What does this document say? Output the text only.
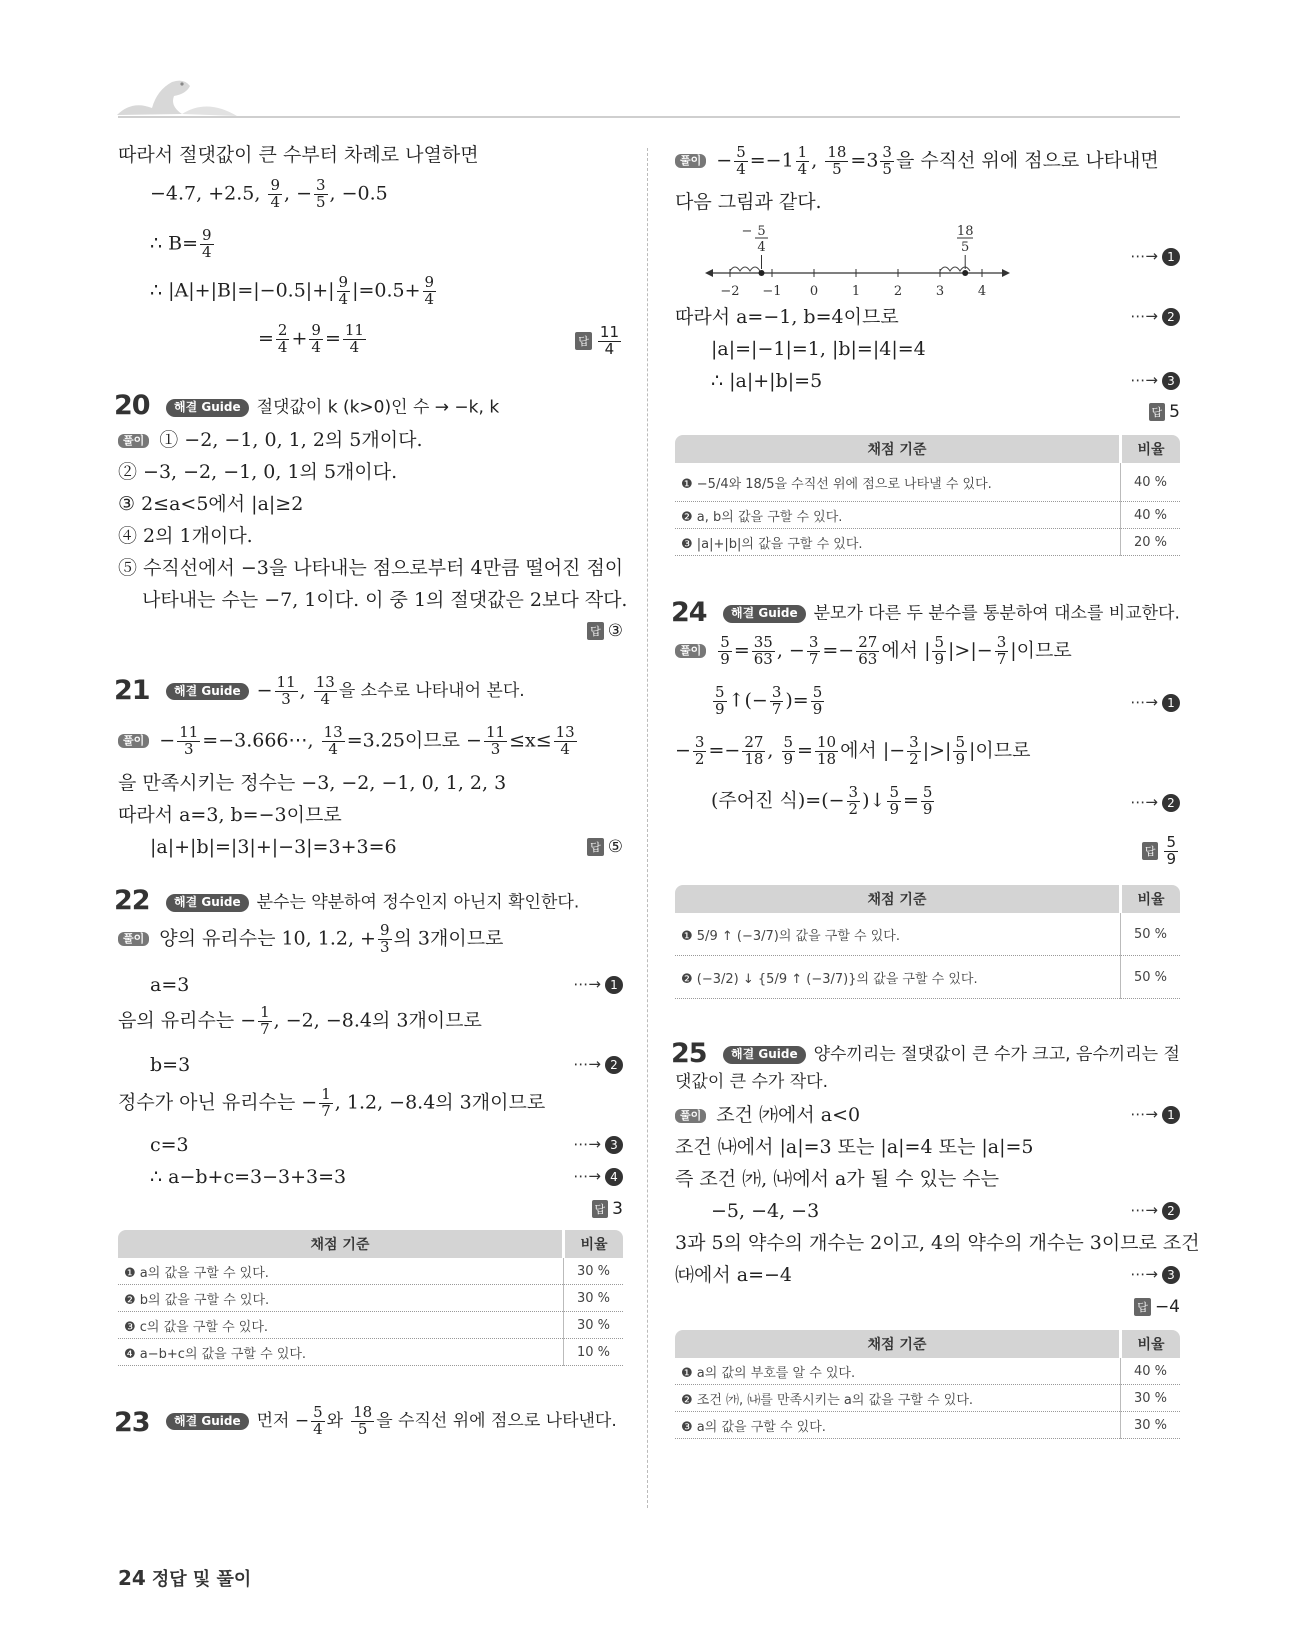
따라서 절댓값이 큰 수부터 차례로 나열하면
−4.7, +2.5, $\frac{9}{4}$ , − $\frac{3}{5}$ , −0.5
∴ $B= \frac{9}{4}$
∴ $|A|+|B|=|-0.5|+| \frac{9}{4} |=0.5+ \frac{9}{4}$
= $\frac{2}{4} + \frac{9}{4} = \frac{11}{4}$	답 $\frac{11}{4}$
20	해결 Guide 절댓값이 k (k>0)인 수 → −k, k
풀이 ① −2, −1, 0, 1, 2의 5개이다.
② −3, −2, −1, 0, 1의 5개이다.
③ 2≤a<5에서 |a|≥2
④ 2의 1개이다.
⑤ 수직선에서 −3을 나타내는 점으로부터 4만큼 떨어진 점이
나타내는 수는 −7, 1이다. 이 중 1의 절댓값은 2보다 작다.
답 ③
21	해결 Guide − $\frac{11}{3}$ , $\frac{13}{4}$ 을 소수로 나타내어 본다.
풀이 − $\frac{11}{3}$ =−3.666⋯, $\frac{13}{4} =3.25$이므로 − $\frac{11}{3} \le x\le \frac{13}{4}$
을 만족시키는 정수는 −3, −2, −1, 0, 1, 2, 3
따라서 a=3, b=−3이므로
|a|+|b|=|3|+|−3|=3+3=6	답 ⑤
22	해결 Guide 분수는 약분하여 정수인지 아닌지 확인한다.
풀이 양의 유리수는 10, 1.2, + $\frac{9}{3}$ 의 3개이므로
a=3	⋯→ 1
음의 유리수는 − $\frac{1}{7}$ , −2, −8.4의 3개이므로
b=3	⋯→ 2
정수가 아닌 유리수는 − $\frac{1}{7}$ , 1.2, −8.4의 3개이므로
c=3	⋯→ 3
∴ a−b+c=3−3+3=3	⋯→ 4
답 3
채점 기준	비율
❶ a의 값을 구할 수 있다.	30 %
❷ b의 값을 구할 수 있다.	30 %
❸ c의 값을 구할 수 있다.	30 %
❹ a−b+c의 값을 구할 수 있다.	10 %
23	해결 Guide 먼저 − $\frac{5}{4}$ 와 $\frac{18}{5}$ 을 수직선 위에 점으로 나타낸다.
풀이 − $\frac{5}{4} =-1 \frac{1}{4}$ , $\frac{18}{5} =3 \frac{3}{5}$ 을 수직선 위에 점으로 나타내면
다음 그림과 같다.
−2 −1 0	1	2	3	4
− 5
4
18
5	⋯→ 1
따라서 a=−1, b=4이므로	⋯→ 2
|a|=|−1|=1, |b|=|4|=4
∴ |a|+|b|=5	⋯→ 3
답 5
채점 기준	비율
❶ −5/4와 18/5을 수직선 위에 점으로 나타낼 수 있다.	40 %
❷ a, b의 값을 구할 수 있다.	40 %
❸ |a|+|b|의 값을 구할 수 있다.	20 %
24	해결 Guide 분모가 다른 두 분수를 통분하여 대소를 비교한다.
풀이 $\frac{5}{9} = \frac{35}{63}$ , − $\frac{3}{7} =- \frac{27}{63}$ 에서 | $\frac{5}{9}$ |>|− $\frac{3}{7}$ |이므로
$\frac{5}{9}$ ↑(− $\frac{3}{7}$ )= $\frac{5}{9}$	⋯→ 1
− $\frac{3}{2} =- \frac{27}{18}$ , $\frac{5}{9} = \frac{10}{18}$ 에서 |− $\frac{3}{2}$ |>| $\frac{5}{9}$ |이므로
(주어진 식)=(− $\frac{3}{2}$ )↓ $\frac{5}{9} = \frac{5}{9}$	⋯→ 2
답 $\frac{5}{9}$
채점 기준	비율
❶ 5/9 ↑ (−3/7)의 값을 구할 수 있다.	50 %
❷ (−3/2) ↓ {5/9 ↑ (−3/7)}의 값을 구할 수 있다.	50 %
25	해결 Guide 양수끼리는 절댓값이 큰 수가 크고, 음수끼리는 절
댓값이 큰 수가 작다.
풀이 조건 ㈎에서 a<0	⋯→ 1
조건 ㈏에서 |a|=3 또는 |a|=4 또는 |a|=5
즉 조건 ㈎, ㈏에서 a가 될 수 있는 수는
−5, −4, −3	⋯→ 2
3과 5의 약수의 개수는 2이고, 4의 약수의 개수는 3이므로 조건
㈐에서 a=−4	⋯→ 3
답 −4
채점 기준	비율
❶ a의 값의 부호를 알 수 있다.	40 %
❷ 조건 ㈎, ㈏를 만족시키는 a의 값을 구할 수 있다.	30 %
❸ a의 값을 구할 수 있다.	30 %
24 정답 및 풀이
